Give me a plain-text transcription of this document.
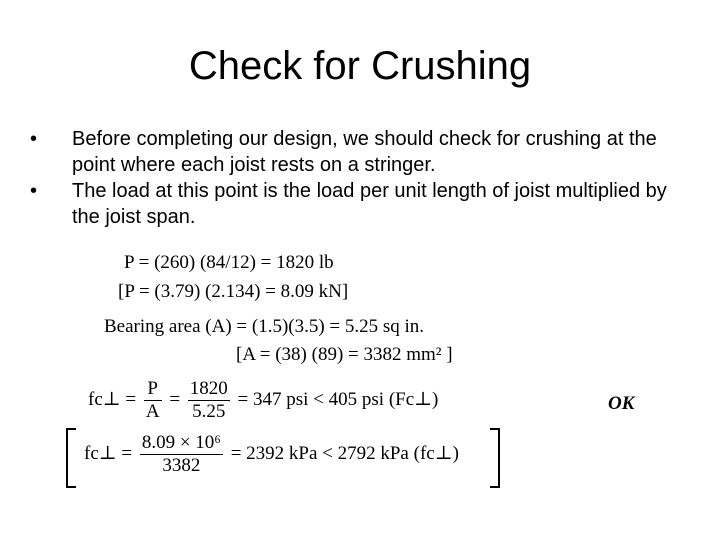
Check for Crushing
• Before completing our design, we should check for crushing at the point where each joist rests on a stringer.
• The load at this point is the load per unit length of joist multiplied by the joist span.
P = (260) (84/12) = 1820 lb
[P = (3.79) (2.134) = 8.09 kN]
Bearing area (A) = (1.5)(3.5) = 5.25 sq in.
[A = (38) (89) = 3382 mm² ]
fc⊥ = $\frac{P}{A} = \frac{1820}{5.25} = 347$ psi < 405 psi (Fc⊥)	OK
fc⊥ = $\frac{\text{8.09 × 10⁶}}{3382} = 2392$ kPa < 2792 kPa (fc⊥)
